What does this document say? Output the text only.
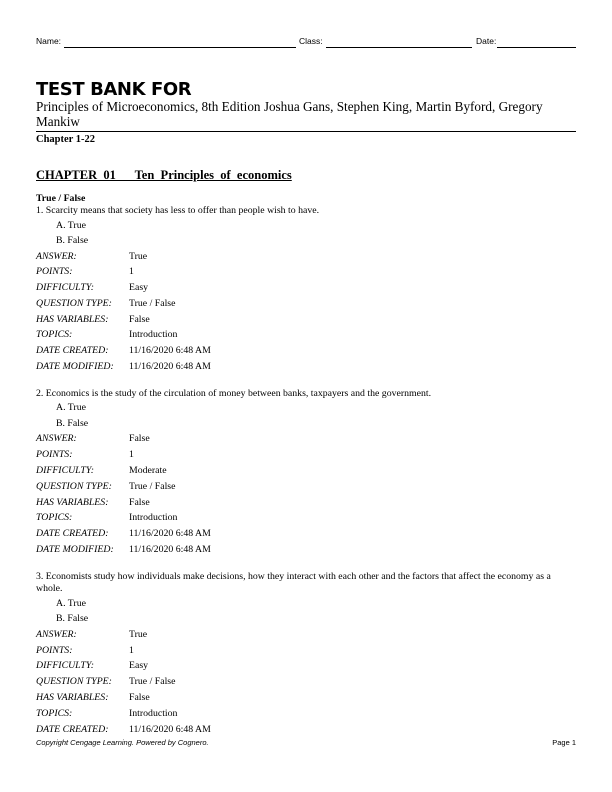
Name:	Class:	Date:
TEST BANK FOR
Principles of Microeconomics, 8th Edition Joshua Gans, Stephen King, Martin Byford, Gregory Mankiw
Chapter 1-22
CHAPTER_01___Ten_Principles_of_economics
True / False
1. Scarcity means that society has less to offer than people wish to have.
A. True
B. False
ANSWER:	True
POINTS:	1
DIFFICULTY:	Easy
QUESTION TYPE: True / False
HAS VARIABLES: False
TOPICS:	Introduction
DATE CREATED: 11/16/2020 6:48 AM
DATE MODIFIED: 11/16/2020 6:48 AM
2. Economics is the study of the circulation of money between banks, taxpayers and the government.
A. True
B. False
ANSWER:	False
POINTS:	1
DIFFICULTY:	Moderate
QUESTION TYPE: True / False
HAS VARIABLES: False
TOPICS:	Introduction
DATE CREATED: 11/16/2020 6:48 AM
DATE MODIFIED: 11/16/2020 6:48 AM
3. Economists study how individuals make decisions, how they interact with each other and the factors that affect the economy as a whole.
A. True
B. False
ANSWER:	True
POINTS:	1
DIFFICULTY:	Easy
QUESTION TYPE: True / False
HAS VARIABLES: False
TOPICS:	Introduction
DATE CREATED: 11/16/2020 6:48 AM
Copyright Cengage Learning. Powered by Cognero.	Page 1
